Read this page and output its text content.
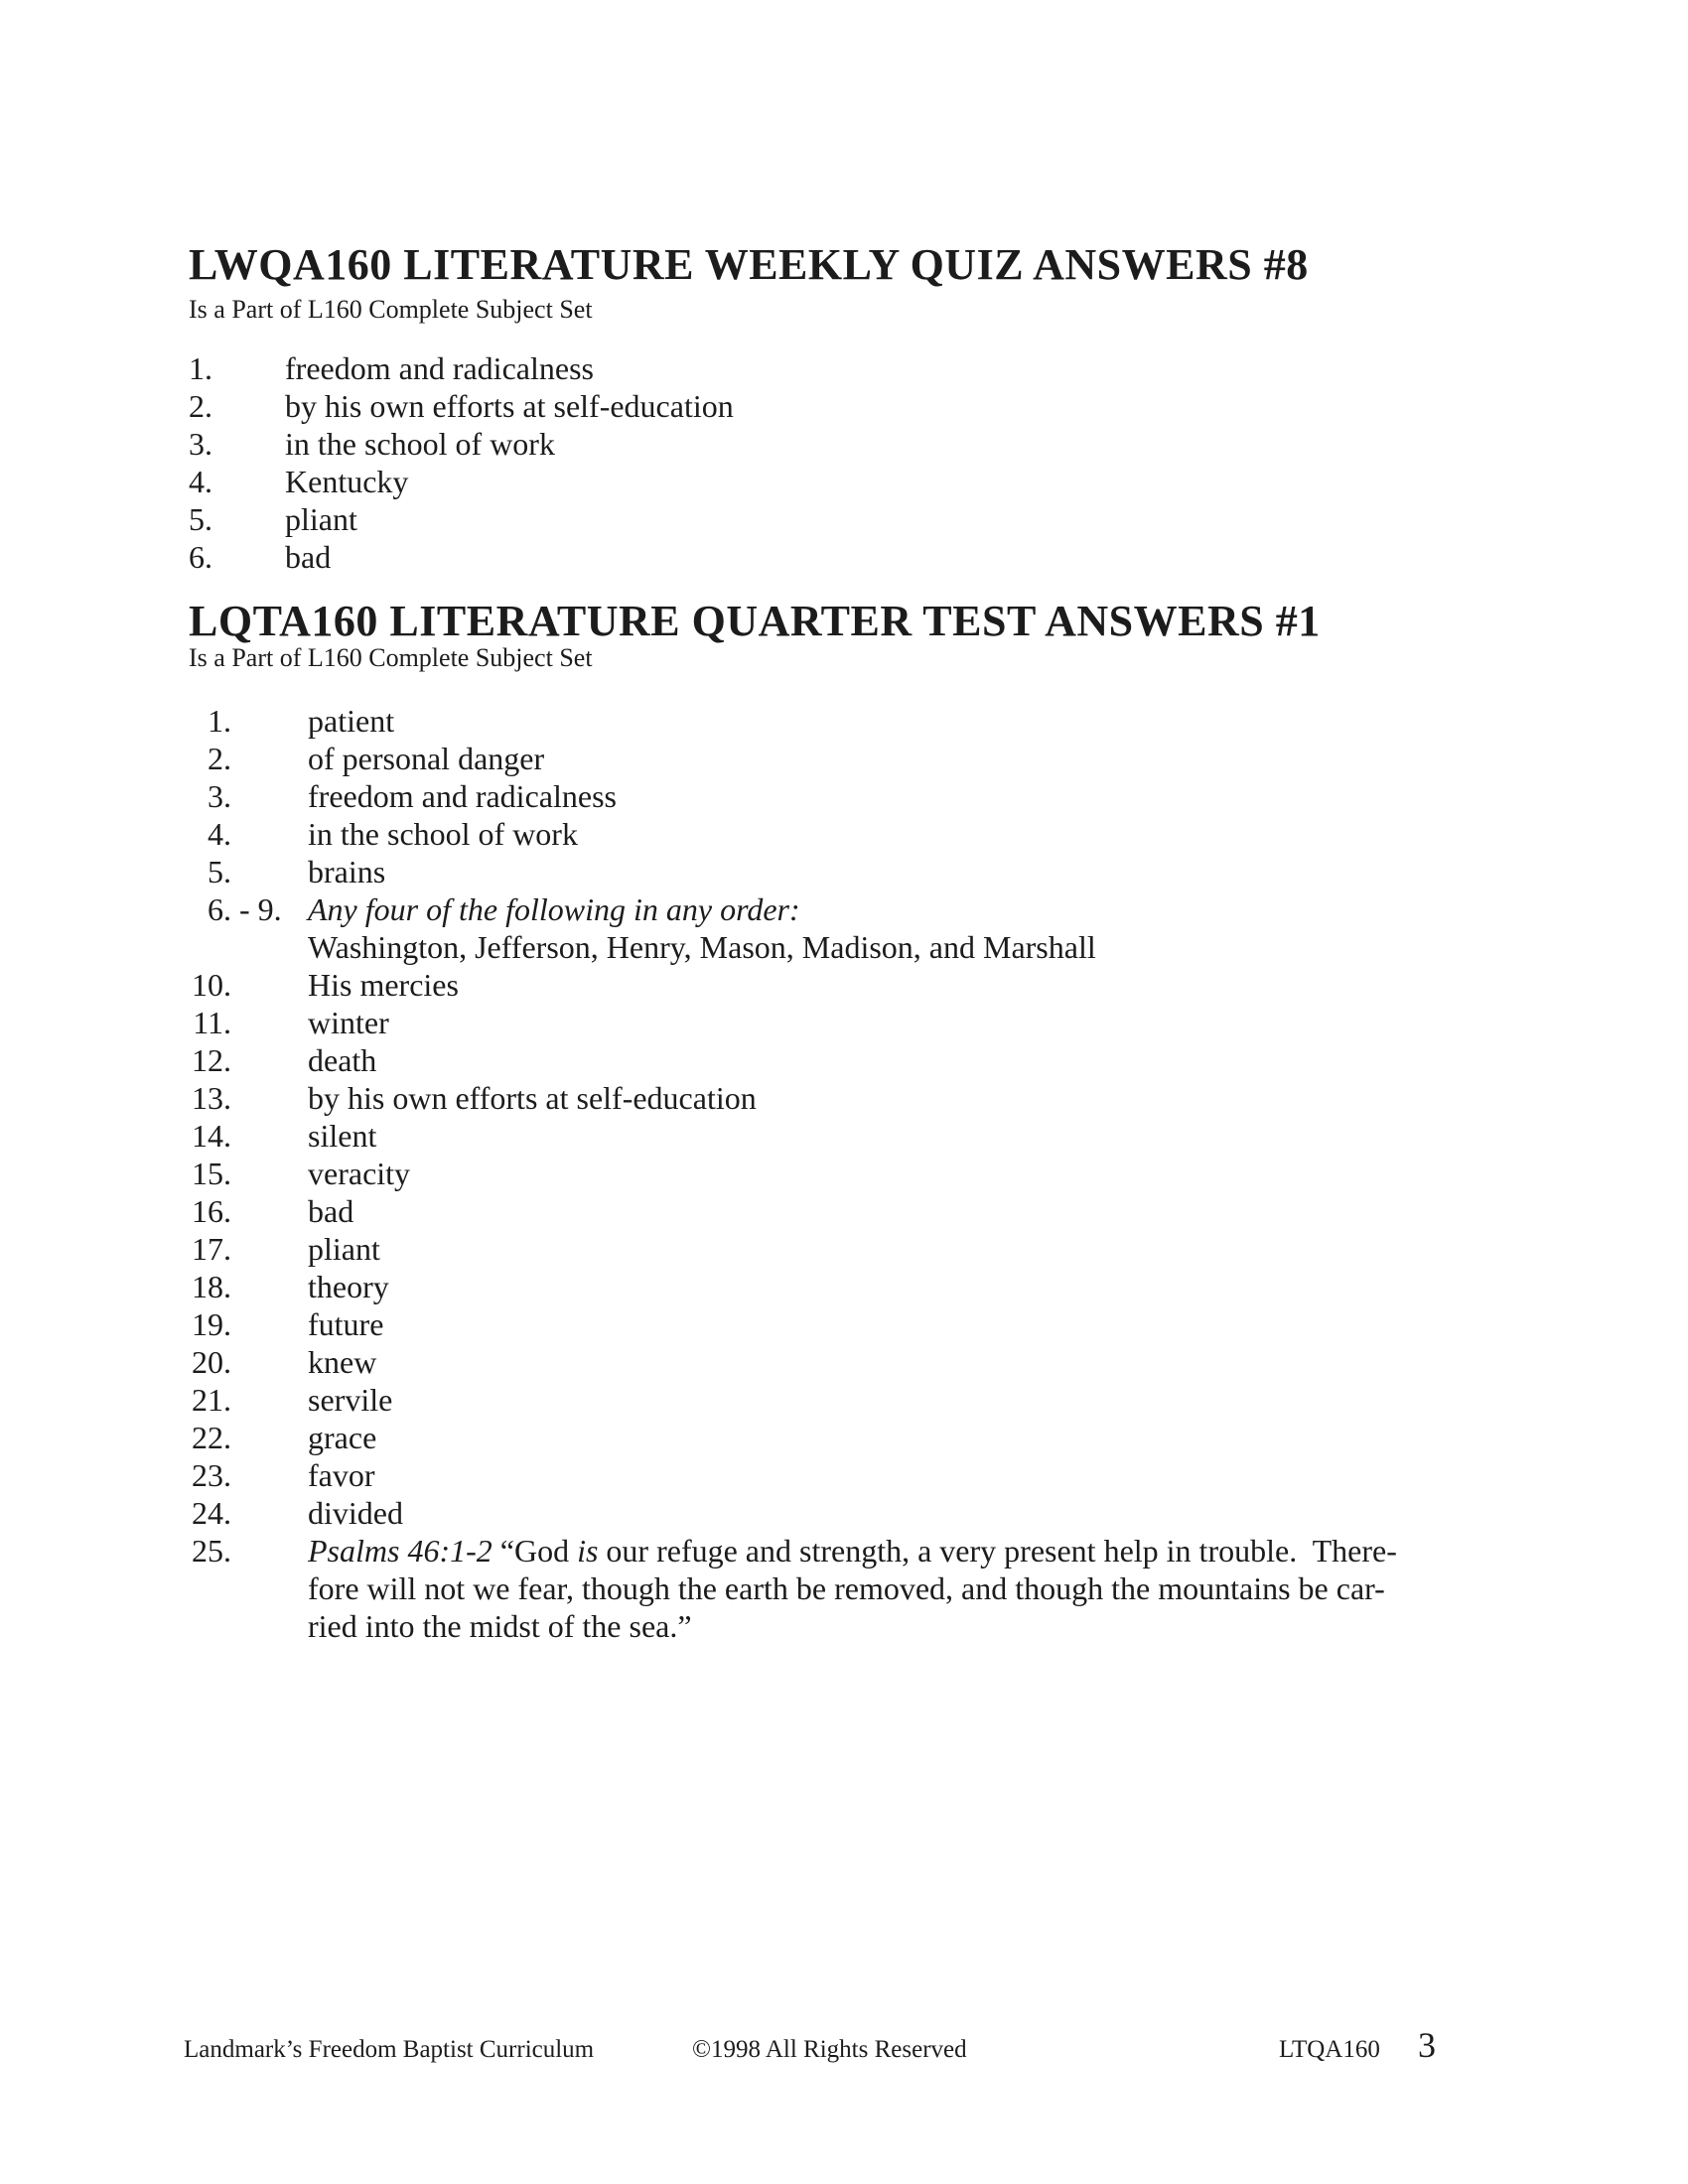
LWQA160 LITERATURE WEEKLY QUIZ ANSWERS #8
Is a Part of L160 Complete Subject Set
1.	freedom and radicalness
2.	by his own efforts at self-education
3.	in the school of work
4.	Kentucky
5.	pliant
6.	bad
LQTA160 LITERATURE QUARTER TEST ANSWERS #1
Is a Part of L160 Complete Subject Set
1.	patient
2.	of personal danger
3.	freedom and radicalness
4.	in the school of work
5.	brains
6. - 9. Any four of the following in any order:
Washington, Jefferson, Henry, Mason, Madison, and Marshall
10.	His mercies
11.	winter
12.	death
13.	by his own efforts at self-education
14.	silent
15.	veracity
16.	bad
17.	pliant
18.	theory
19.	future
20.	knew
21.	servile
22.	grace
23.	favor
24.	divided
25.	Psalms 46:1-2 “God is our refuge and strength, a very present help in trouble.  There-
fore will not we fear, though the earth be removed, and though the mountains be car-
ried into the midst of the sea.”
Landmark’s Freedom Baptist Curriculum	©1998 All Rights Reserved	LTQA160 3
